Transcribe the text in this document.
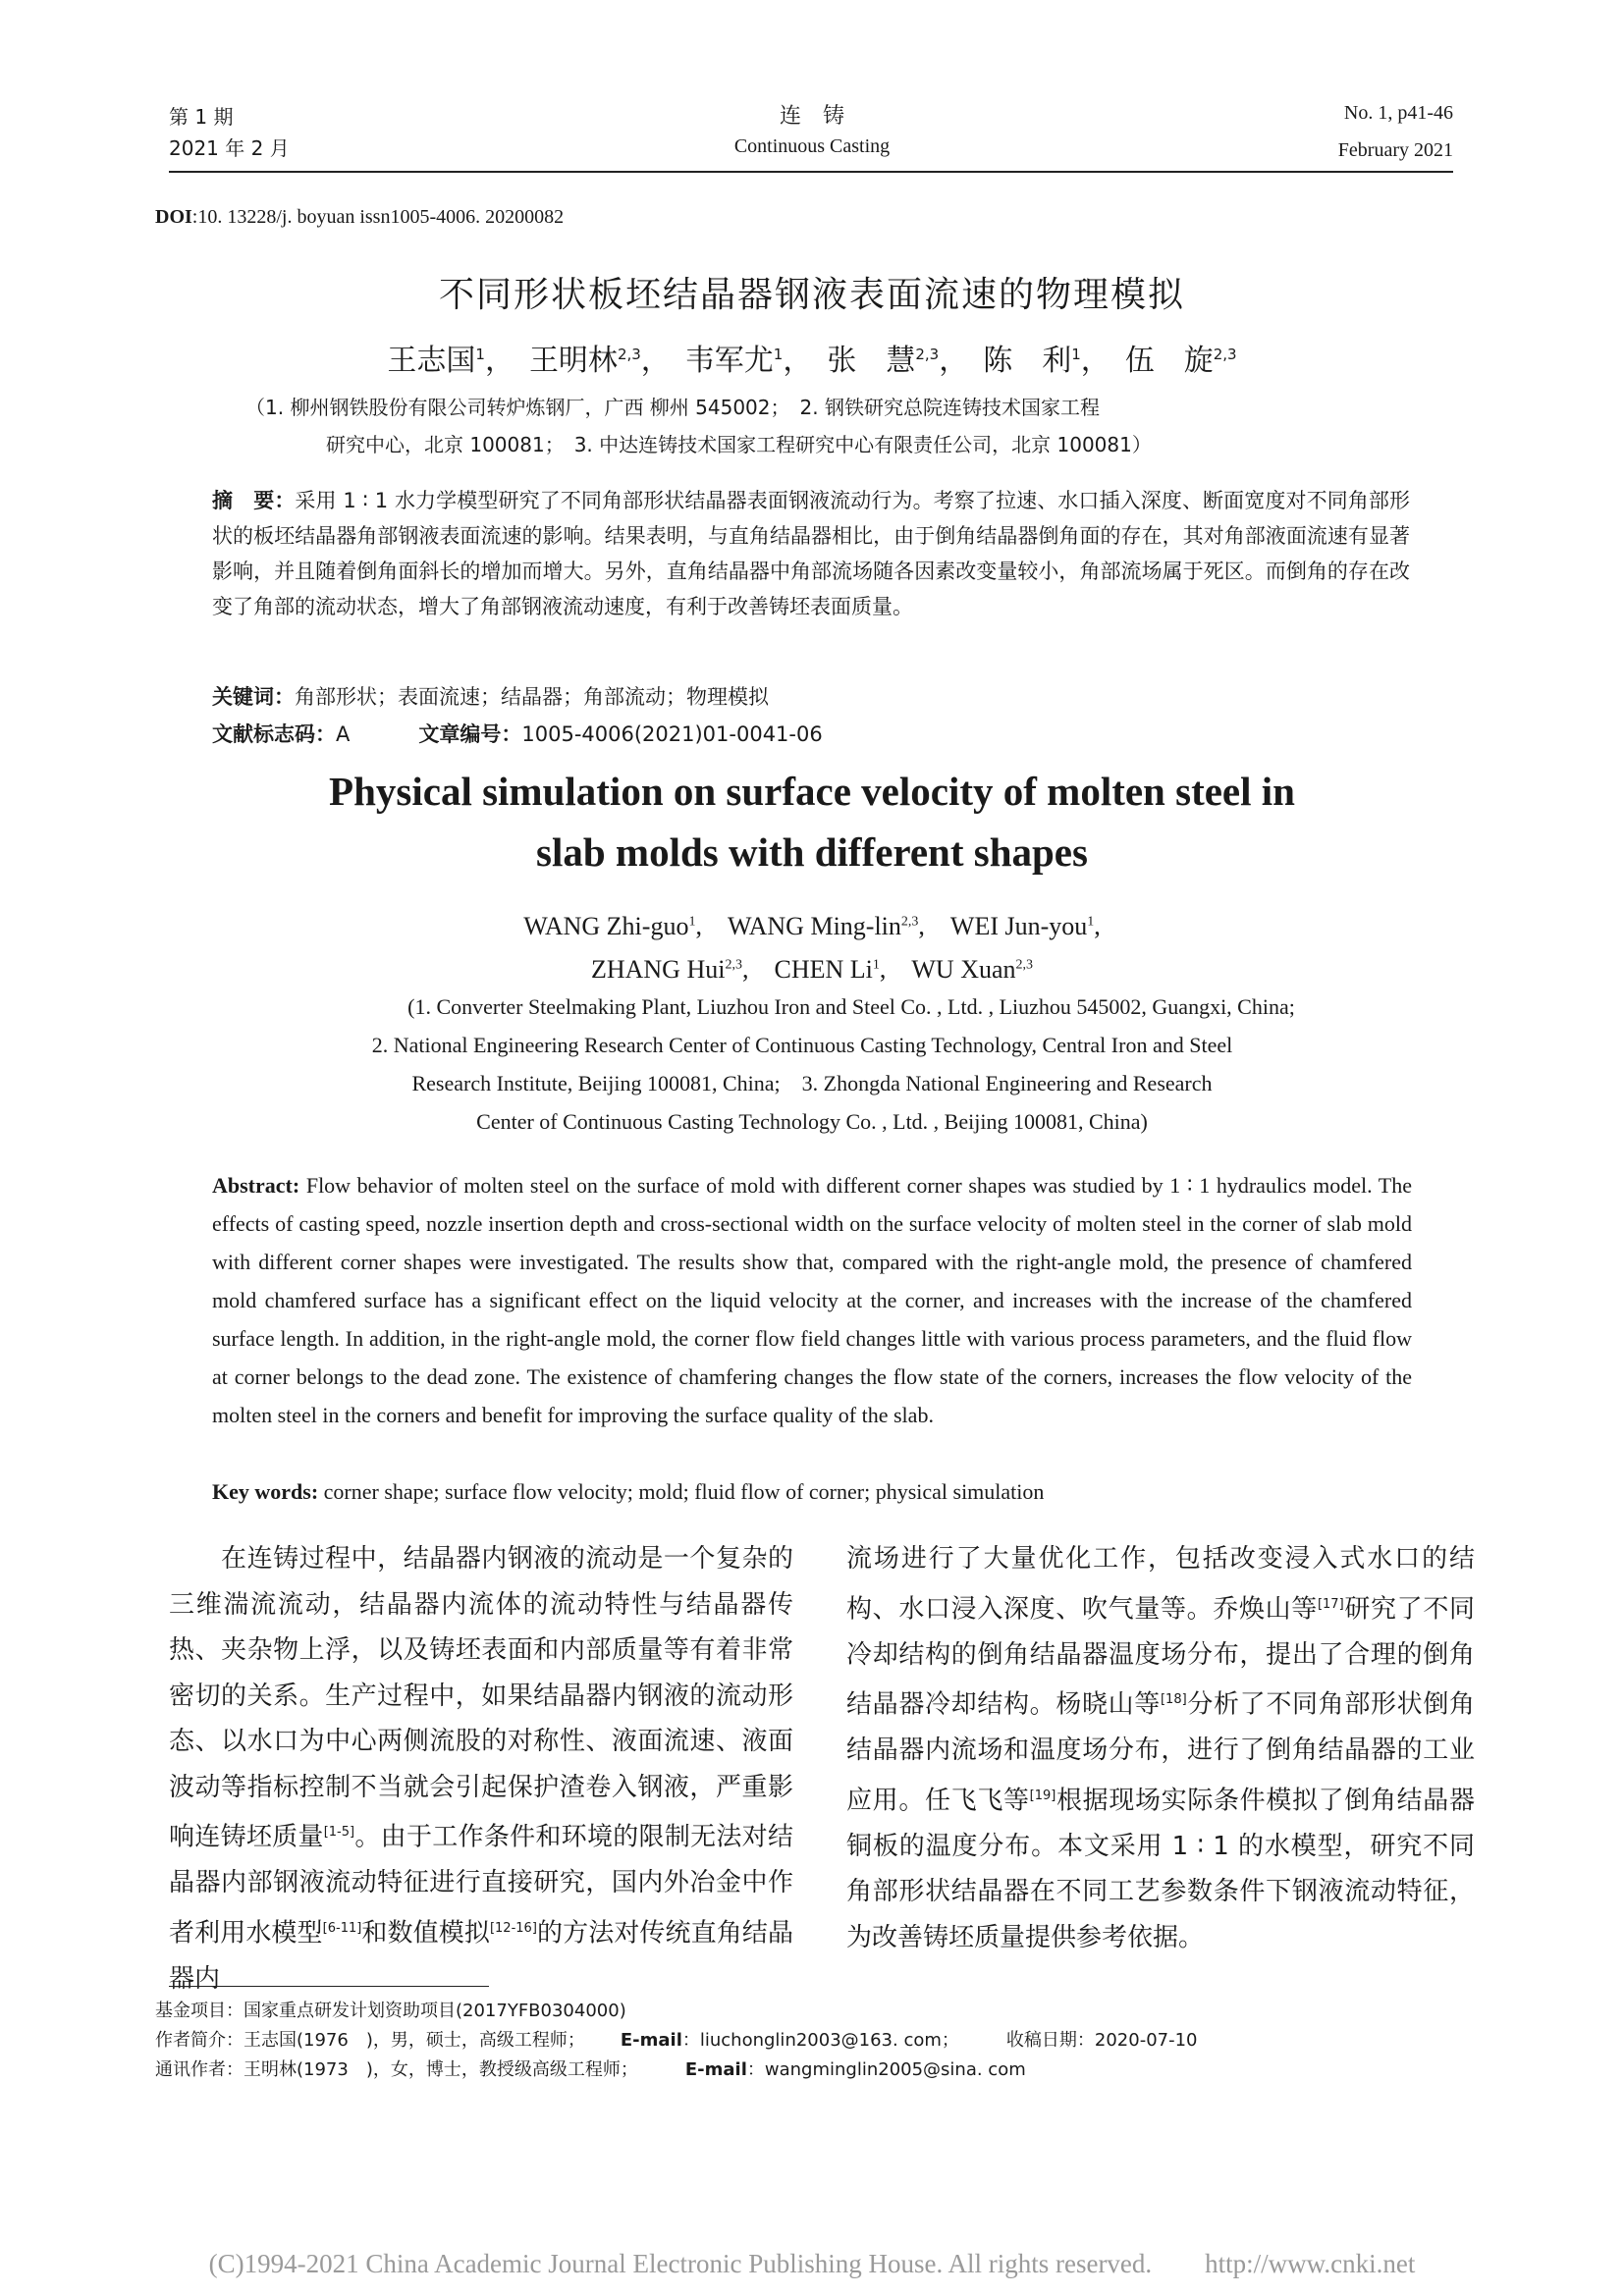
第 1 期
2021 年 2 月
连　铸
Continuous Casting
No. 1, p41-46
February 2021
DOI:10. 13228/j. boyuan issn1005-4006. 20200082
不同形状板坯结晶器钢液表面流速的物理模拟
王志国$^1$，　王明林$^{2,3}$，　韦军尤$^1$，　张　慧$^{2,3}$，　陈　利$^1$，　伍　旋$^{2,3}$
（1. 柳州钢铁股份有限公司转炉炼钢厂，广西 柳州 545002；　2. 钢铁研究总院连铸技术国家工程
研究中心，北京 100081；　3. 中达连铸技术国家工程研究中心有限责任公司，北京 100081）
摘　要：采用 1 ∶ 1 水力学模型研究了不同角部形状结晶器表面钢液流动行为。考察了拉速、水口插入深度、断面宽度对不同角部形状的板坯结晶器角部钢液表面流速的影响。结果表明，与直角结晶器相比，由于倒角结晶器倒角面的存在，其对角部液面流速有显著影响，并且随着倒角面斜长的增加而增大。另外，直角结晶器中角部流场随各因素改变量较小，角部流场属于死区。而倒角的存在改变了角部的流动状态，增大了角部钢液流动速度，有利于改善铸坯表面质量。
关键词：角部形状；表面流速；结晶器；角部流动；物理模拟
文献标志码：A	文章编号：1005-4006(2021)01-0041-06
Physical simulation on surface velocity of molten steel in
slab molds with different shapes
WANG Zhi-guo$^1$,　WANG Ming-lin$^{2,3}$,　WEI Jun-you$^1$,　
ZHANG Hui$^{2,3}$,　CHEN Li$^1$,　WU Xuan$^{2,3}$
(1. Converter Steelmaking Plant, Liuzhou Iron and Steel Co. , Ltd. , Liuzhou 545002, Guangxi, China;
2. National Engineering Research Center of Continuous Casting Technology, Central Iron and Steel
Research Institute, Beijing 100081, China;　3. Zhongda National Engineering and Research
Center of Continuous Casting Technology Co. , Ltd. , Beijing 100081, China)
Abstract: Flow behavior of molten steel on the surface of mold with different corner shapes was studied by 1 ∶ 1 hydraulics model. The effects of casting speed, nozzle insertion depth and cross-sectional width on the surface velocity of molten steel in the corner of slab mold with different corner shapes were investigated. The results show that, compared with the right-angle mold, the presence of chamfered mold chamfered surface has a significant effect on the liquid velocity at the corner, and increases with the increase of the chamfered surface length. In addition, in the right-angle mold, the corner flow field changes little with various process parameters, and the fluid flow at corner belongs to the dead zone. The existence of chamfering changes the flow state of the corners, increases the flow velocity of the molten steel in the corners and benefit for improving the surface quality of the slab.
Key words: corner shape; surface flow velocity; mold; fluid flow of corner; physical simulation

　　在连铸过程中，结晶器内钢液的流动是一个复杂的三维湍流流动，结晶器内流体的流动特性与结晶器传热、夹杂物上浮，以及铸坯表面和内部质量等有着非常密切的关系。生产过程中，如果结晶器内钢液的流动形态、以水口为中心两侧流股的对称性、液面流速、液面波动等指标控制不当就会引起保护渣卷入钢液，严重影响连铸坯质量[1-5]。由于工作条件和环境的限制无法对结晶器内部钢液流动特征进行直接研究，国内外冶金中作者利用水模型[6-11]和数值模拟[12-16]的方法对传统直角结晶器内

流场进行了大量优化工作，包括改变浸入式水口的结构、水口浸入深度、吹气量等。乔焕山等[17]研究了不同冷却结构的倒角结晶器温度场分布，提出了合理的倒角结晶器冷却结构。杨晓山等[18]分析了不同角部形状倒角结晶器内流场和温度场分布，进行了倒角结晶器的工业应用。任飞飞等[19]根据现场实际条件模拟了倒角结晶器铜板的温度分布。本文采用 1 ∶ 1 的水模型，研究不同角部形状结晶器在不同工艺参数条件下钢液流动特征，为改善铸坯质量提供参考依据。

基金项目：国家重点研发计划资助项目(2017YFB0304000)
作者简介：王志国(1976　)，男，硕士，高级工程师； E-mail：liuchonglin2003@163. com；	收稿日期：2020-07-10
通讯作者：王明林(1973　)，女，博士，教授级高级工程师；	E-mail：wangminglin2005@sina. com
(C)1994-2021 China Academic Journal Electronic Publishing House. All rights reserved.　　http://www.cnki.net
